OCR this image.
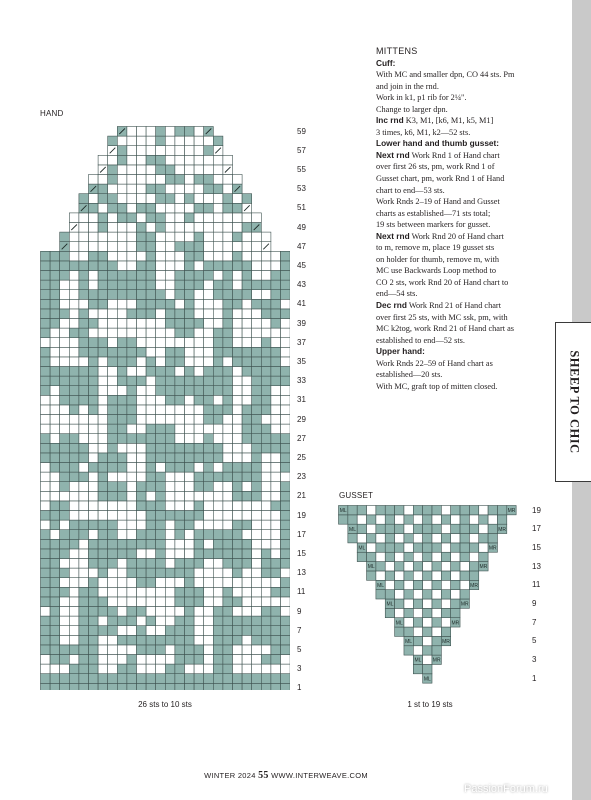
SHEEP TO CHIC
HAND
59
57
55
53
51
49
47
45
43
41
39
37
35
33
31
29
27
25
23
21
19
17
15
13
11
9
7
5
3
1
26 sts to 10 sts
GUSSET
ML
ML MR
ML	MR
ML	MR
ML	MR
ML	MR
ML	MR
ML	MR
ML	MR
ML	MR 19
17
15
13
11
9
7
5
3
1
1 st to 19 sts
MITTENS
Cuff:
With MC and smaller dpn, CO 44 sts. Pm
and join in the rnd.
Work in k1, p1 rib for 2¼".
Change to larger dpn.
Inc rnd K3, M1, [k6, M1, k5, M1]
3 times, k6, M1, k2—52 sts.
Lower hand and thumb gusset:
Next rnd Work Rnd 1 of Hand chart
over first 26 sts, pm, work Rnd 1 of
Gusset chart, pm, work Rnd 1 of Hand
chart to end—53 sts.
Work Rnds 2–19 of Hand and Gusset
charts as established—71 sts total;
19 sts between markers for gusset.
Next rnd Work Rnd 20 of Hand chart
to m, remove m, place 19 gusset sts
on holder for thumb, remove m, with
MC use Backwards Loop method to
CO 2 sts, work Rnd 20 of Hand chart to
end—54 sts.
Dec rnd Work Rnd 21 of Hand chart
over first 25 sts, with MC ssk, pm, with
MC k2tog, work Rnd 21 of Hand chart as
established to end—52 sts.
Upper hand:
Work Rnds 22–59 of Hand chart as
established—20 sts.
With MC, graft top of mitten closed.
WINTER 2024 55 WWW.INTERWEAVE.COM
PassionForum.ru
